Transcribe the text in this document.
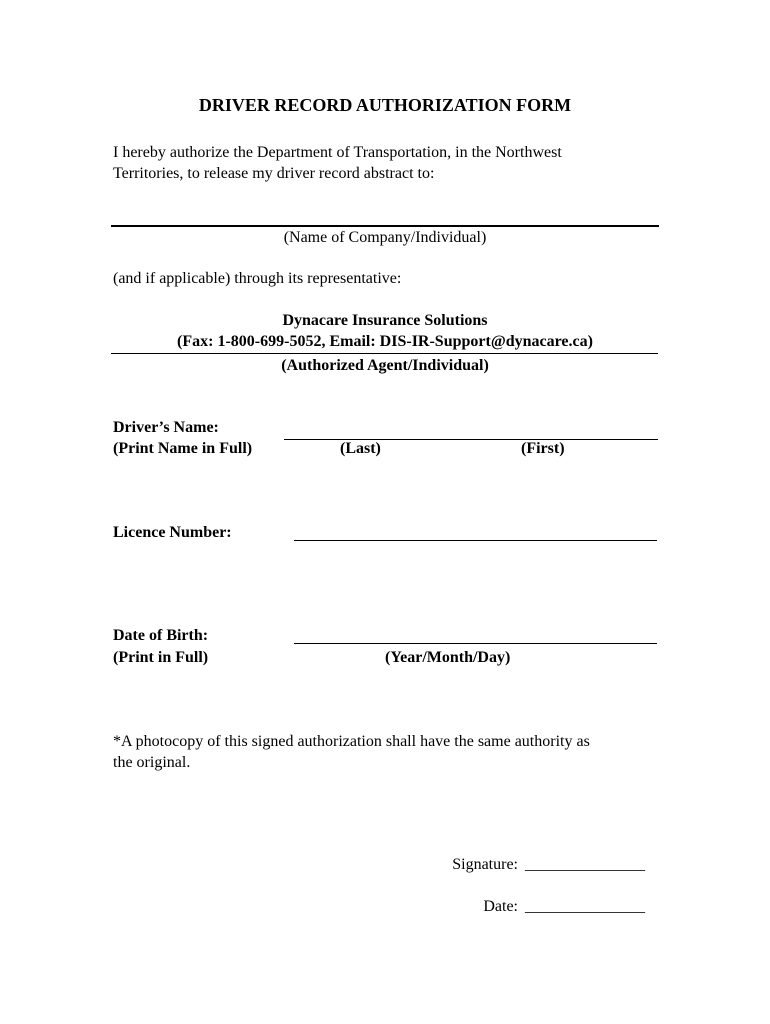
DRIVER RECORD AUTHORIZATION FORM
I hereby authorize the Department of Transportation, in the Northwest
Territories, to release my driver record abstract to:
(Name of Company/Individual)
(and if applicable) through its representative:
Dynacare Insurance Solutions
(Fax: 1-800-699-5052, Email: DIS-IR-Support@dynacare.ca)
(Authorized Agent/Individual)
Driver’s Name:
(Print Name in Full)	(Last)	(First)
Licence Number:
Date of Birth:
(Print in Full)	(Year/Month/Day)
*A photocopy of this signed authorization shall have the same authority as
the original.
Signature: _______________
Date: _______________
